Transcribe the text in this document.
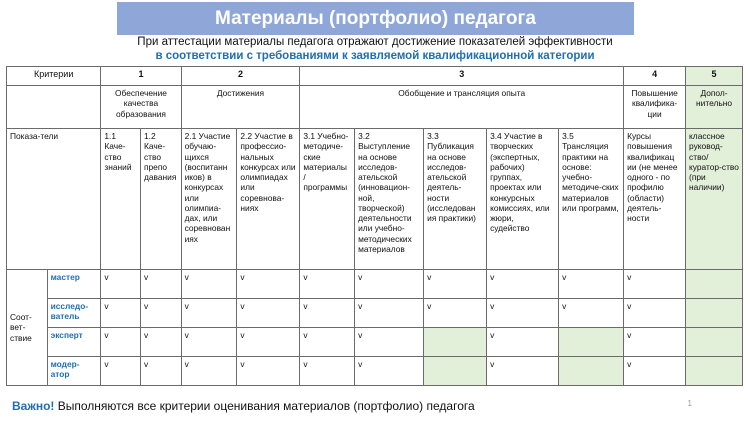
Материалы (портфолио) педагога
При аттестации материалы педагога отражают достижение показателей эффективности
в соответствии с требованиями к заявляемой квалификационной категории
Критерии		1		2		3					4	5
		Обеспечение качества образования		Достижения		Обобщение и трансляция опыта					Повышение квалифика-ции	Допол-нительно
Показа-тели		1.1 Каче-ство знаний	1.2 Каче-ство препо давания	2.1 Участие обучаю-щихся (воспитанн иков) в конкурсах или олимпиа-дах, или соревнован иях	2.2 Участие в профессио-нальных конкурсах или олимпиадах или соревнова-ниях	3.1 Учебно-методиче-ские материалы / программы	3.2 Выступление на основе исследов-ательской (инновацион-ной, творческой) деятельности или учебно-методических материалов	3.3 Публикация на основе исследов-ательской деятель-ности (исследован ия практики)	3.4 Участие в творческих (экспертных, рабочих) группах, проектах или конкурсных комиссиях, или жюри, судейство	3.5 Трансляция практики на основе: учебно-методиче-ских материалов или программ,	Курсы повышения квалификац ии (не менее одного - по профилю (области) деятель-ности	классное руковод-ство/ куратор-ство (при наличии)
Соот-вет-ствие	мастер	v	v	v	v	v	v	v	v	v	v	
	исследо-ватель	v	v	v	v	v	v	v	v	v	v	
	эксперт	v	v	v	v	v	v		v		v	
	модер-атор	v	v	v	v	v	v		v		v	
Важно! Выполняются все критерии оценивания материалов (портфолио) педагога	1
